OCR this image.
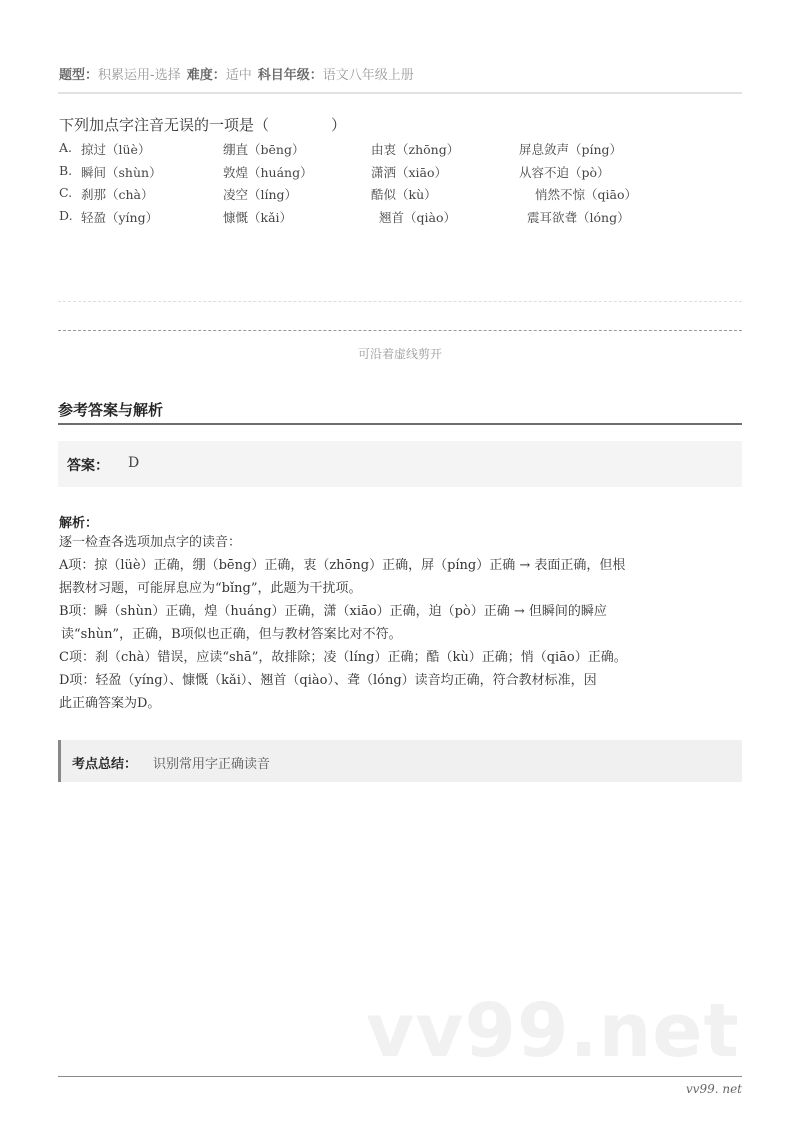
题型：积累运用-选择 难度：适中 科目年级：语文八年级上册
下列加点字注音无误的一项是（	）
A. 掠过（lüè）	绷直（bēng）	由衷（zhōng）	屏息敛声（píng）
B. 瞬间（shùn）	敦煌（huáng）	潇洒（xiāo）	从容不迫（pò）
C. 刹那（chà）	凌空（líng）	酷似（kù）	悄然不惊（qiāo）
D. 轻盈（yíng）	慷慨（kǎi）	翘首（qiào）	震耳欲聋（lóng）
可沿着虚线剪开
参考答案与解析
答案： D
解析：

逐一检查各选项加点字的读音：

A项：掠（lüè）正确，绷（bēng）正确，衷（zhōng）正确，屏（píng）正确 → 表面正确，但根

据教材习题，可能屏息应为“bǐng”，此题为干扰项。

B项：瞬（shùn）正确，煌（huáng）正确，潇（xiāo）正确，迫（pò）正确 → 但瞬间的瞬应

读“shùn”，正确，B项似也正确，但与教材答案比对不符。

C项：刹（chà）错误，应读“shā”，故排除；凌（líng）正确；酷（kù）正确；悄（qiāo）正确。

D项：轻盈（yíng）、慷慨（kǎi）、翘首（qiào）、聋（lóng）读音均正确，符合教材标准，因

此正确答案为D。

考点总结： 识别常用字正确读音
vv99.net
vv99. net
